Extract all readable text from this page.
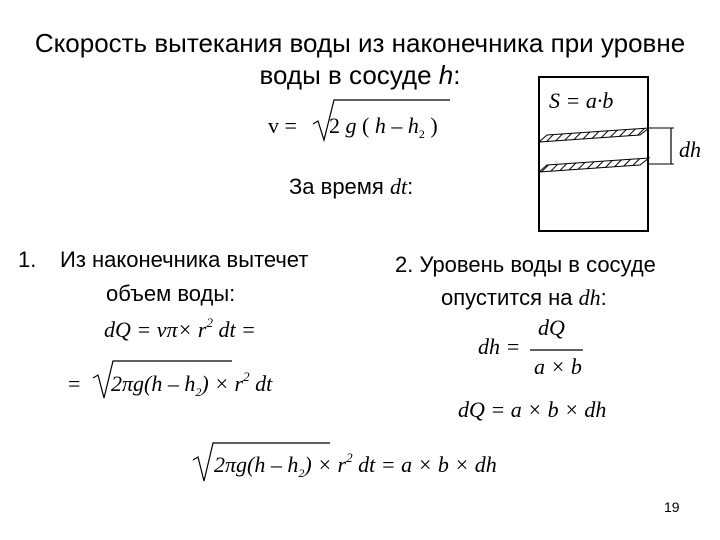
Скорость вытекания воды из наконечника при уровне
воды в сосуде h:
v = 2 g ( h – $h_2$ )
За время dt:
S = a·b
dh
1. Из наконечника вытечет
объем воды:
dQ = $v\pi\times r^2$ dt =
= $2\pi g(h - h_2) \times r^2$ dt
2. Уровень воды в сосуде
опустится на dh:
dh =
dQ
a × b
dQ = a × b × dh
$2\pi g(h - h_2) \times r^2$ dt = a × b × dh
19
